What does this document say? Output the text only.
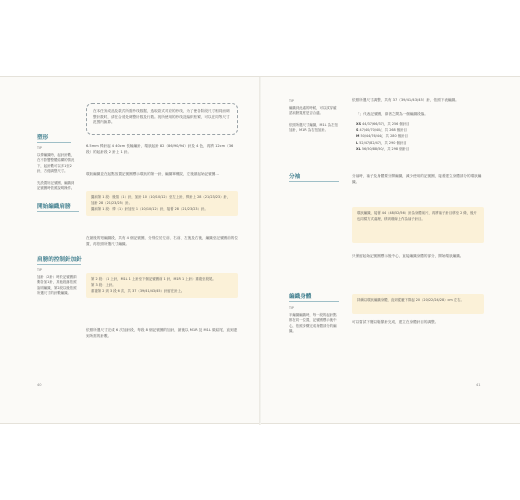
在本任务成品及款式所需纱线数据，选取款式对应的纱线，为了使各阶段尺寸相同而调整针数时，请在合适处调整针数及行数。视所使用的纱线及编织松紧，可以在同等尺寸范围内换算。
塑形
TIP
以棒編織時，起針針數，在不影響整體結構的情況下，起針數可以多1至2針，方便調整尺寸。
先設置好記號圈，編織到記號圈時依照說明操作。
開始編織肩膀
6.5mm 棒針起 4 40cm 長輪編針，環狀起針 82（86/90/94）針及 4 色，再將 12cm（36 段）的起針段 2 針上 1 針。
環狀編織並在起點放置記號圈標示環狀的第一針，編織單螺紋，左後頸起始記號圈…
圓肩第 1 段：後領（1）針，加針 10（10/10/12）至左上針，棒針上 28（21/23/23）針，加針 28（21/23/25）針。
圓肩第 1 段：棒（1）針加至 1（10/10/12）針，接著 28（21/23/23）針。
在最後的短編織段，共有 4 個記號圈，分別位於左前、右前、左後及右後，編織至記號圈前的位置，再依照所選尺寸編織。
肩膀的控制針加針
TIP
加針（2針）時於記號圈兩側各加1針，其他段落依照說明編織，第2段以後依照所選尺寸的針數編織。
第 2 段：（1 上針，M1L 1 上針至下個記號圈前 1 針，M1R 1 上針）重複至段尾。
第 3 段：上針。
重複第 2 到 3 段 6 次，共 37（39/41/43/45）針留在針上。
依照所選尺寸完成 6 次加針段，每段 8 個記號圈的加針，最後以 M1R 及 M1L 做結尾，直到達到所需的針數。
40
TIP
編織到此處的時候，可以試穿確認肩膀寬度是否合適。
依照所選尺寸編織，M1L 為左扭加針，M1R 為右扭加針。
依照所選尺寸調整，共有 37（39/41/43/45）針，依照下表編織。
「」代表記號圈，兩者之間為一個編織段落。
XS 44/37/66/37/，共 256 個針目
S 47/40/70/40/，共 268 個針目
M 50/44/76/44/，共 280 個針目
L 52/47/82/47/，共 290 個針目
XL 56/50/88/50/，共 298 個針目
分袖	分袖時，袖子及身體要分開編織，減少使用的記號圈，接著建立身體部分的環狀編織。
環狀編織，接著 44（48/52/56）針為身體前片，再將袖子針目移至 2 條，後片也同樣方式處理，移到廢線上作為袖子針目。
只保留起始記號圈標示後中心，直接編織身體的部分，開始環狀編織。
編織身體
TIP
半編織編織時，每一段的起針點都在同一位置，記號圈標示後中心，依照步驟完成身體部分的編織。
持續以環狀編織身體，直到從腋下算起 20（20/22/24/28）cm 左右。
可以嘗試下擺以鬆緊針完成，建立在身體針目的調整。
41
